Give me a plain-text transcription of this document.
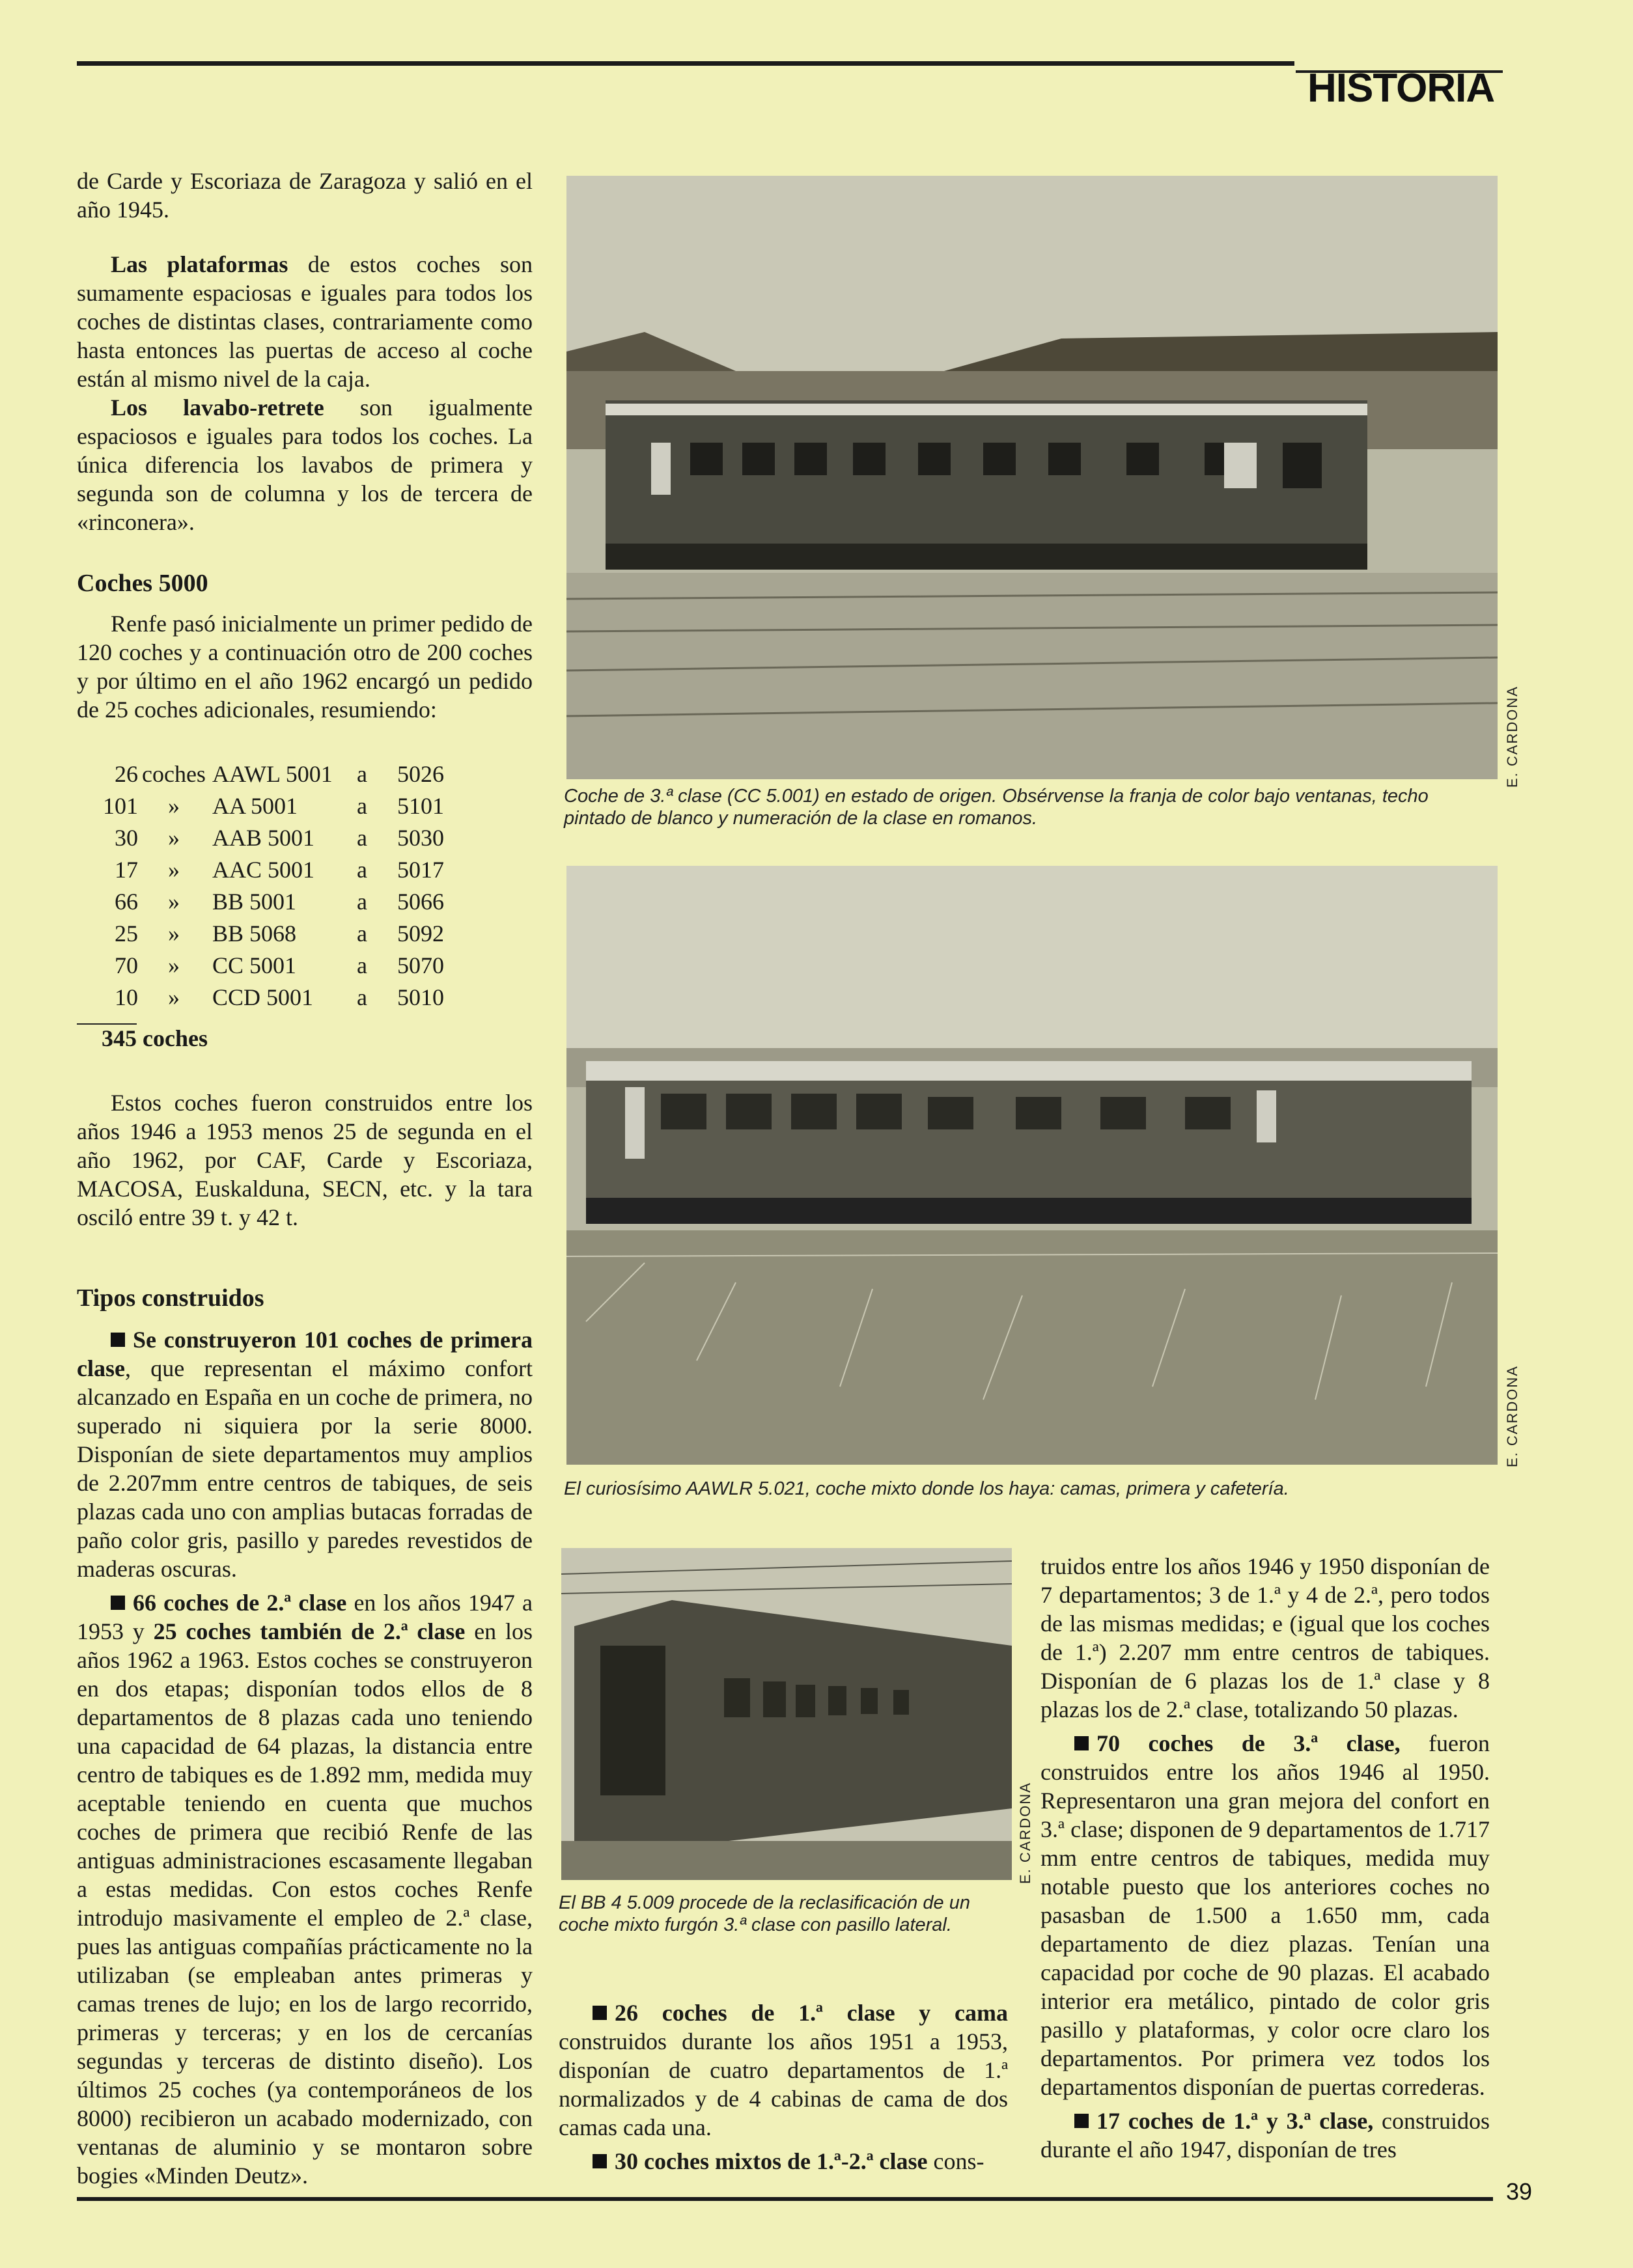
HISTORIA

de Carde y Escoriaza de Zaragoza y salió en el año 1945.

Las plataformas de estos coches son sumamente espaciosas e iguales para todos los coches de distintas clases, contrariamente como hasta entonces las puertas de acceso al coche están al mismo nivel de la caja.

Los lavabo-retrete son igualmente espaciosos e iguales para todos los coches. La única diferencia los lavabos de primera y segunda son de columna y los de tercera de «rinconera».

Coches 5000

Renfe pasó inicialmente un primer pedido de 120 coches y a continuación otro de 200 coches y por último en el año 1962 encargó un pedido de 25 coches adicionales, resumiendo:

26	coches	AAWL 5001	a	5026
101	»	AA 5001	a	5101
30	»	AAB 5001	a	5030
17	»	AAC 5001	a	5017
66	»	BB 5001	a	5066
25	»	BB 5068	a	5092
70	»	CC 5001	a	5070
10	»	CCD 5001	a	5010
345 coches

Estos coches fueron construidos entre los años 1946 a 1953 menos 25 de segunda en el año 1962, por CAF, Carde y Escoriaza, MACOSA, Euskalduna, SECN, etc. y la tara osciló entre 39 t. y 42 t.

Tipos construidos

Se construyeron 101 coches de primera clase, que representan el máximo confort alcanzado en España en un coche de primera, no superado ni siquiera por la serie 8000. Disponían de siete departamentos muy amplios de 2.207mm entre centros de tabiques, de seis plazas cada uno con amplias butacas forradas de paño color gris, pasillo y paredes revestidos de maderas oscuras.

66 coches de 2.ª clase en los años 1947 a 1953 y 25 coches también de 2.ª clase en los años 1962 a 1963. Estos coches se construyeron en dos etapas; disponían todos ellos de 8 departamentos de 8 plazas cada uno teniendo una capacidad de 64 plazas, la distancia entre centro de tabiques es de 1.892 mm, medida muy aceptable teniendo en cuenta que muchos coches de primera que recibió Renfe de las antiguas administraciones escasamente llegaban a estas medidas. Con estos coches Renfe introdujo masivamente el empleo de 2.ª clase, pues las antiguas compañías prácticamente no la utilizaban (se empleaban antes primeras y camas trenes de lujo; en los de largo recorrido, primeras y terceras; y en los de cercanías segundas y terceras de distinto diseño). Los últimos 25 coches (ya contemporáneos de los 8000) recibieron un acabado modernizado, con ventanas de aluminio y se montaron sobre bogies «Minden Deutz».

Coche de 3.ª clase (CC 5.001) en estado de origen. Obsérvense la franja de color bajo ventanas, techo pintado de blanco y numeración de la clase en romanos.
E. CARDONA
El curiosísimo AAWLR 5.021, coche mixto donde los haya: camas, primera y cafetería.
E. CARDONA
El BB 4 5.009 procede de la reclasificación de un coche mixto furgón 3.ª clase con pasillo lateral.
E. CARDONA

26 coches de 1.ª clase y cama construidos durante los años 1951 a 1953, disponían de cuatro departamentos de 1.ª normalizados y de 4 cabinas de cama de dos camas cada una.

30 coches mixtos de 1.ª-2.ª clase cons-

truidos entre los años 1946 y 1950 disponían de 7 departamentos; 3 de 1.ª y 4 de 2.ª, pero todos de las mismas medidas; e (igual que los coches de 1.ª) 2.207 mm entre centros de tabiques. Disponían de 6 plazas los de 1.ª clase y 8 plazas los de 2.ª clase, totalizando 50 plazas.

70 coches de 3.ª clase, fueron construidos entre los años 1946 al 1950. Representaron una gran mejora del confort en 3.ª clase; disponen de 9 departamentos de 1.717 mm entre centros de tabiques, medida muy notable puesto que los anteriores coches no pasasban de 1.500 a 1.650 mm, cada departamento de diez plazas. Tenían una capacidad por coche de 90 plazas. El acabado interior era metálico, pintado de color gris pasillo y plataformas, y color ocre claro los departamentos. Por primera vez todos los departamentos disponían de puertas correderas.

17 coches de 1.ª y 3.ª clase, construidos durante el año 1947, disponían de tres

39
